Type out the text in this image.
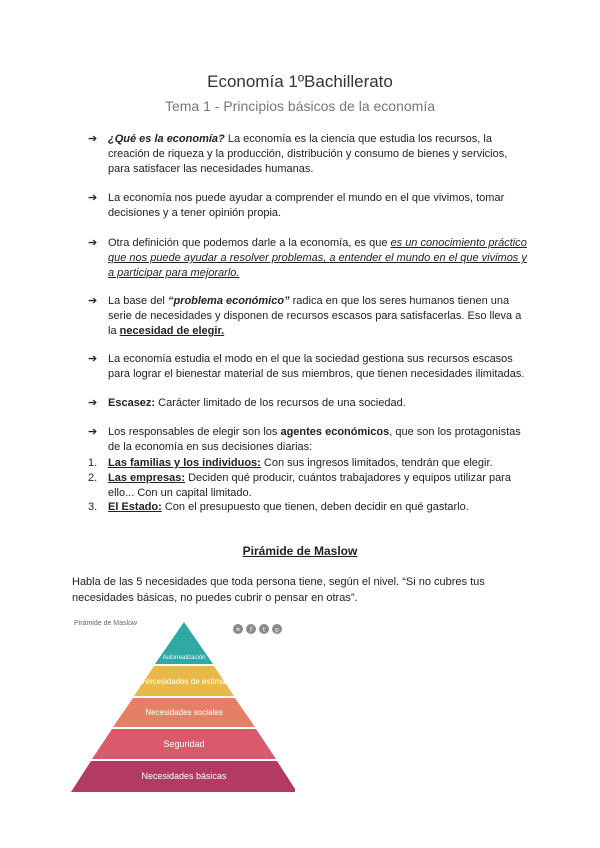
Economía 1ºBachillerato
Tema 1 - Principios básicos de la economía
➔ ¿Qué es la economía? La economía es la ciencia que estudia los recursos, la creación de riqueza y la producción, distribución y consumo de bienes y servicios, para satisfacer las necesidades humanas.
➔ La economía nos puede ayudar a comprender el mundo en el que vivimos, tomar decisiones y a tener opinión propia.
➔ Otra definición que podemos darle a la economía, es que es un conocimiento práctico que nos puede ayudar a resolver problemas, a entender el mundo en el que vivimos y a participar para mejorarlo.
➔ La base del “problema económico” radica en que los seres humanos tienen una serie de necesidades y disponen de recursos escasos para satisfacerlas. Eso lleva a la necesidad de elegir.
➔ La economía estudia el modo en el que la sociedad gestiona sus recursos escasos para lograr el bienestar material de sus miembros, que tienen necesidades ilimitadas.
➔ Escasez: Carácter limitado de los recursos de una sociedad.
➔ Los responsables de elegir son los agentes económicos, que son los protagonistas de la economía en sus decisiones diarias:
1. Las familias y los individuos: Con sus ingresos limitados, tendrán que elegir.
2. Las empresas: Deciden qué producir, cuántos trabajadores y equipos utilizar para ello... Con un capital limitado.
3. El Estado: Con el presupuesto que tienen, deben decidir en qué gastarlo.
Pirámide de Maslow
Habla de las 5 necesidades que toda persona tiene, según el nivel. “Si no cubres tus necesidades básicas, no puedes cubrir o pensar en otras”.
Pirámide de Maslow
✕ f t p
Autorrealización
Necesidades de estima
Necesidades sociales
Seguridad
Necesidades básicas
